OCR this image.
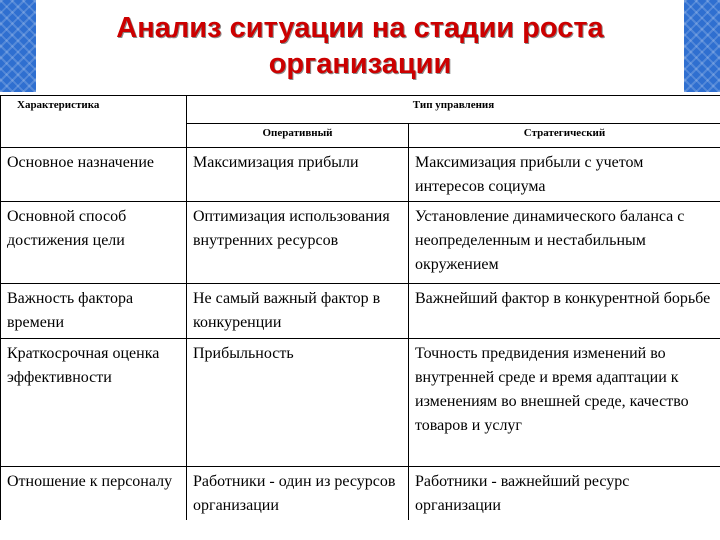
Анализ ситуации на стадии роста
организации
Характеристика	Тип управления	
	Оперативный	Стратегический
Основное назначение	Максимизация прибыли	Максимизация прибыли с учетом интересов социума
Основной способ достижения цели	Оптимизация использования внутренних ресурсов	Установление динамического баланса с неопределенным и нестабильным окружением
Важность фактора времени	Не самый важный фактор в конкуренции	Важнейший фактор в конкурентной борьбе
Краткосрочная оценка эффективности	Прибыльность	Точность предвидения изменений во внутренней среде и время адаптации к изменениям во внешней среде, качество товаров и услуг
Отношение к персоналу	Работники - один из ресурсов организации	Работники - важнейший ресурс организации
